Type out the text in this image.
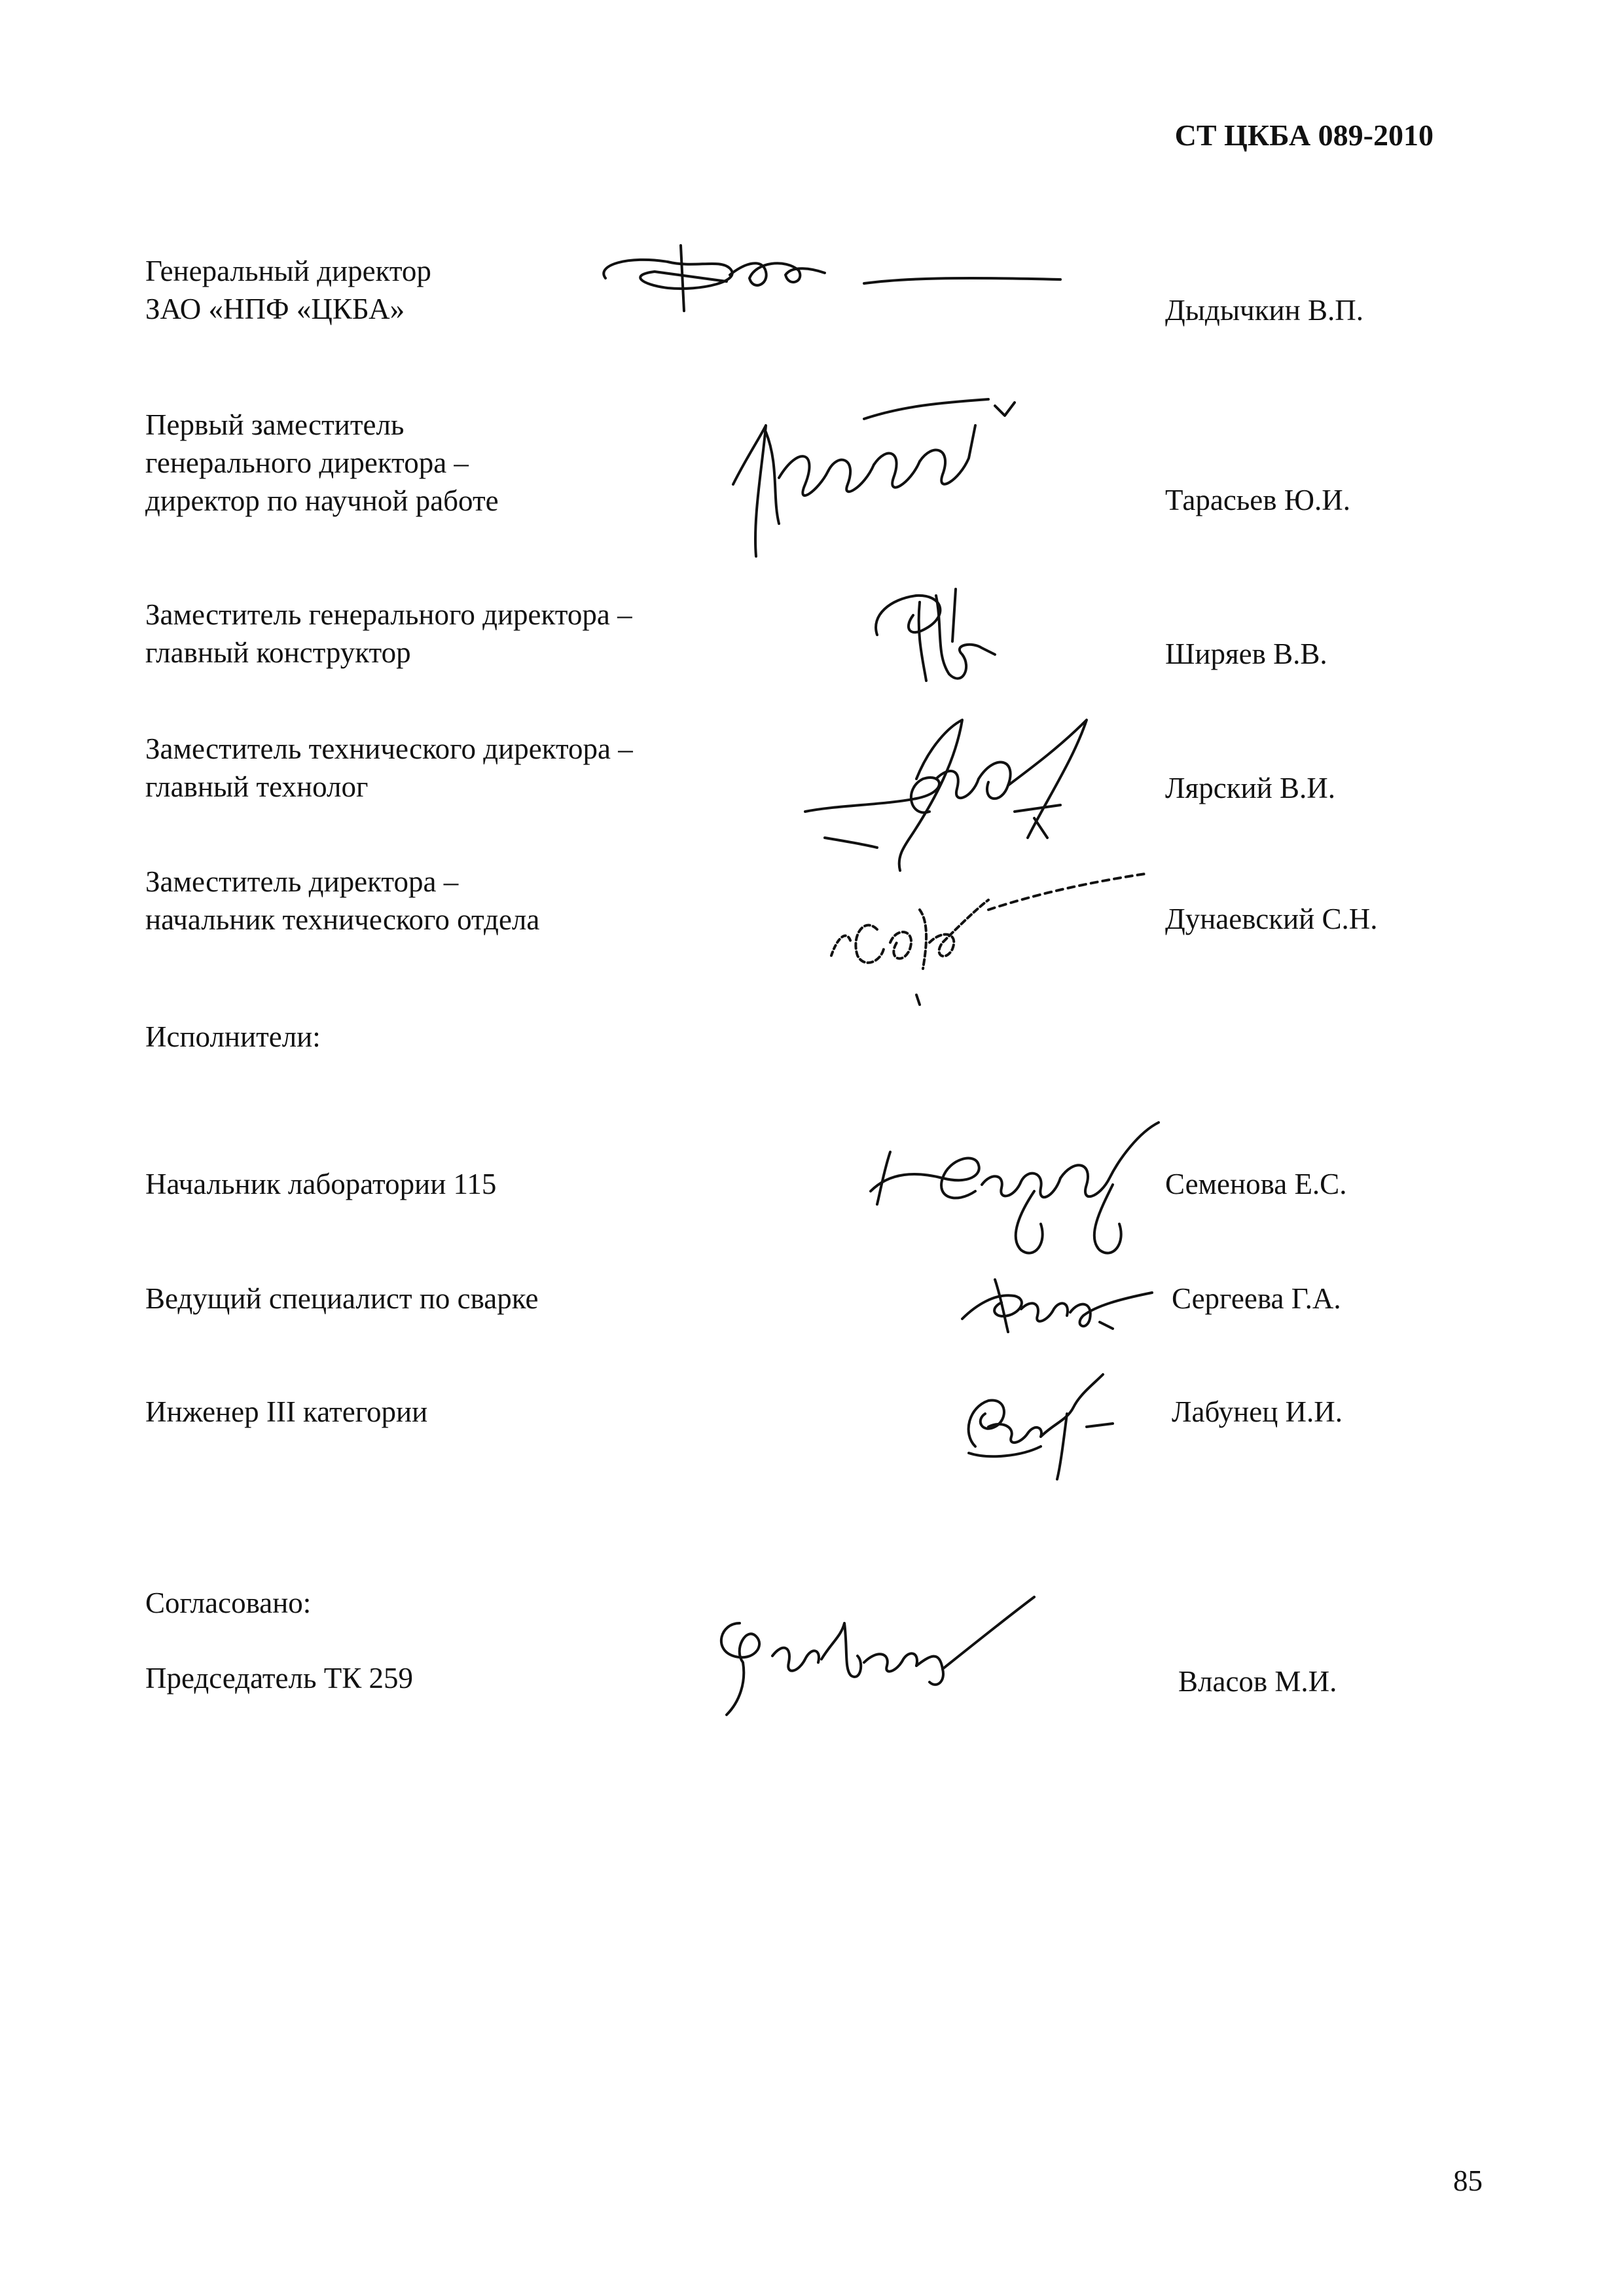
СТ ЦКБА 089-2010
Генеральный директор
ЗАО «НПФ «ЦКБА»	Дыдычкин В.П.
Первый заместитель
генерального директора –
директор по научной работе	Тарасьев Ю.И.
Заместитель генерального директора –
главный конструктор	Ширяев В.В.
Заместитель технического директора –
главный технолог	Лярский В.И.
Заместитель директора –
начальник технического отдела	Дунаевский С.Н.
Исполнители:
Начальник лаборатории 115	Семенова Е.С.
Ведущий специалист по сварке	Сергеева Г.А.
Инженер III категории	Лабунец И.И.
Согласовано:
Председатель ТК 259	Власов М.И.
85
